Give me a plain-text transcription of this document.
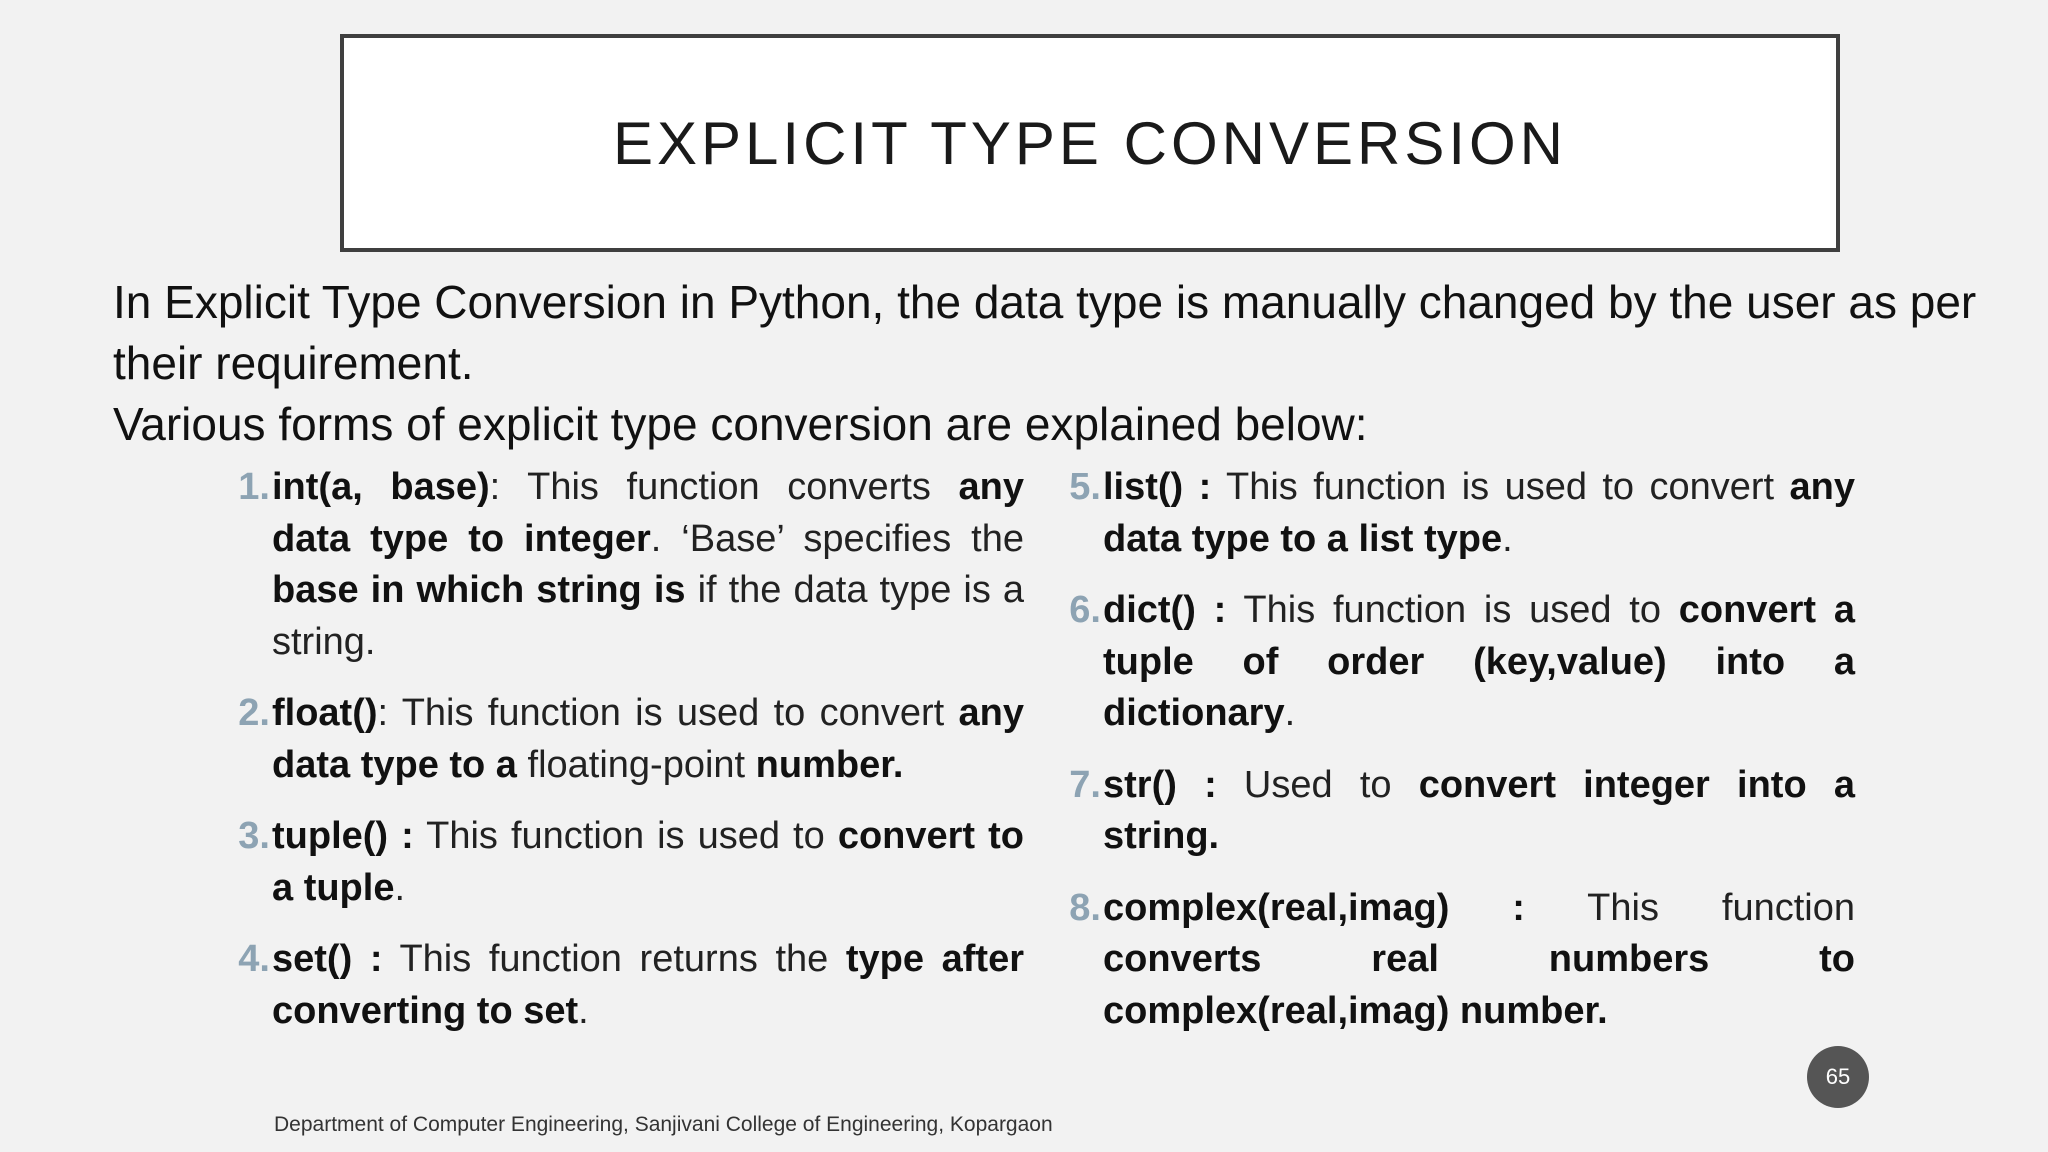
EXPLICIT TYPE CONVERSION

In Explicit Type Conversion in Python, the data type is manually changed by the user as per

their requirement.

Various forms of explicit type conversion are explained below:

1. int(a, base): This function converts any data type to integer. ‘Base’ specifies the base in which string is if the data type is a string.
2. float(): This function is used to convert any data type to a floating-point number.
3. tuple() : This function is used to convert to a tuple.
4. set() : This function returns the type after converting to set.
5. list() : This function is used to convert any data type to a list type.
6. dict() : This function is used to convert a tuple of order (key,value) into a dictionary.
7. str() : Used to convert integer into a string.
8. complex(real,imag) : This function converts real numbers to complex(real,imag) number.
65
Department of Computer Engineering, Sanjivani College of Engineering, Kopargaon
